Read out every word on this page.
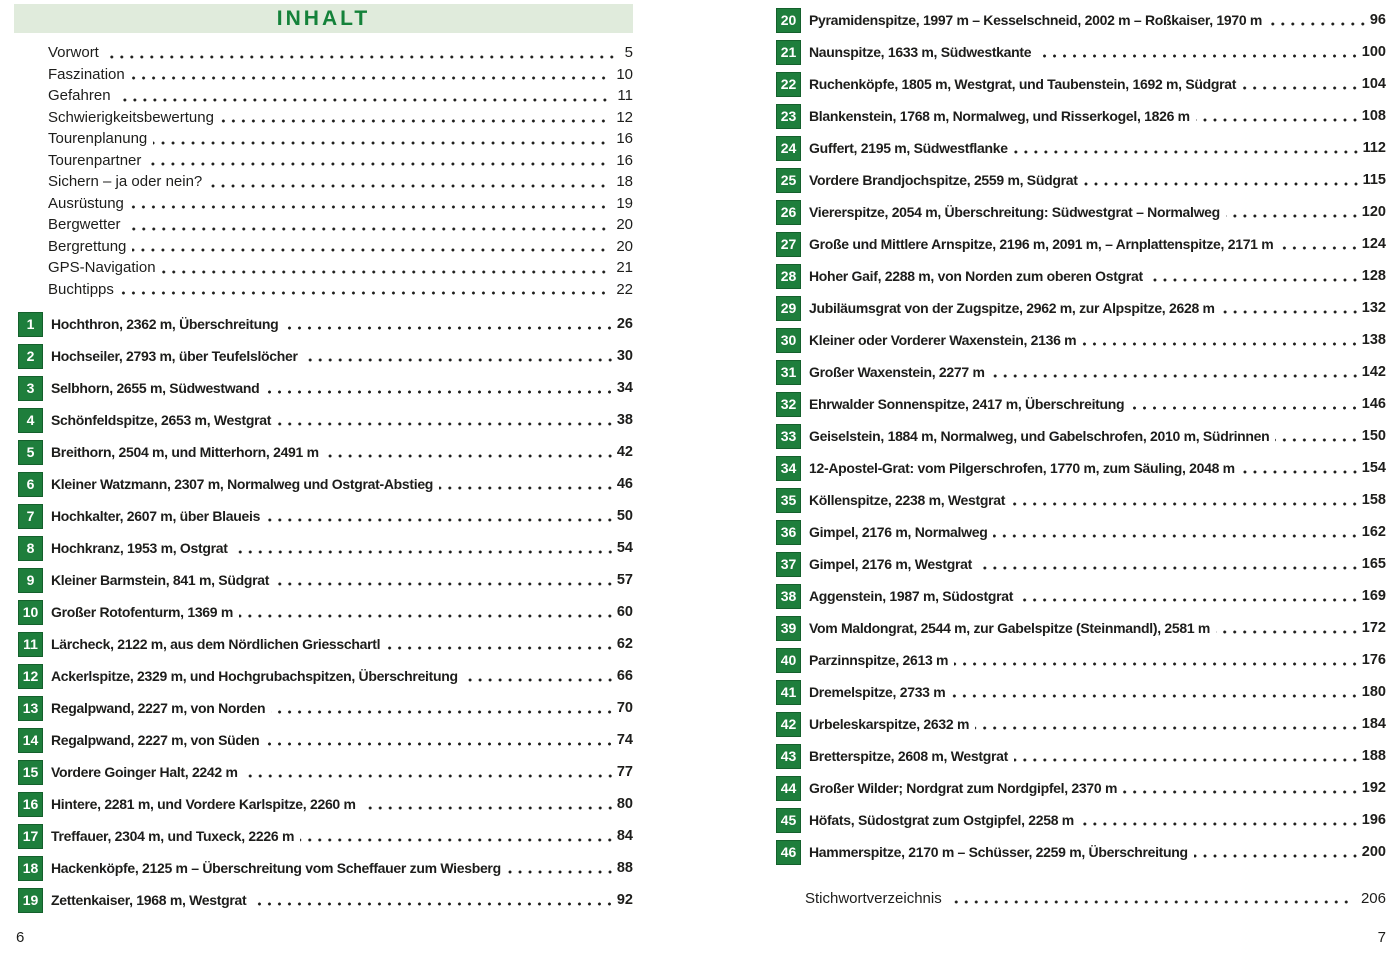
INHALT
Vorwort	5
Faszination	10
Gefahren	11
Schwierigkeitsbewertung	12
Tourenplanung	16
Tourenpartner	16
Sichern – ja oder nein?	18
Ausrüstung	19
Bergwetter	20
Bergrettung	20
GPS-Navigation	21
Buchtipps	22
1	Hochthron, 2362 m, Überschreitung	26
2	Hochseiler, 2793 m, über Teufelslöcher	30
3	Selbhorn, 2655 m, Südwestwand	34
4	Schönfeldspitze, 2653 m, Westgrat	38
5	Breithorn, 2504 m, und Mitterhorn, 2491 m	42
6	Kleiner Watzmann, 2307 m, Normalweg und Ostgrat-Abstieg	46
7	Hochkalter, 2607 m, über Blaueis	50
8	Hochkranz, 1953 m, Ostgrat	54
9	Kleiner Barmstein, 841 m, Südgrat	57
10 Großer Rotofenturm, 1369 m	60
11 Lärcheck, 2122 m, aus dem Nördlichen Griesschartl	62
12 Ackerlspitze, 2329 m, und Hochgrubachspitzen, Überschreitung	66
13 Regalpwand, 2227 m, von Norden	70
14 Regalpwand, 2227 m, von Süden	74
15 Vordere Goinger Halt, 2242 m	77
16 Hintere, 2281 m, und Vordere Karlspitze, 2260 m	80
17 Treffauer, 2304 m, und Tuxeck, 2226 m	84
18 Hackenköpfe, 2125 m – Überschreitung vom Scheffauer zum Wiesberg	88
19 Zettenkaiser, 1968 m, Westgrat	92
20 Pyramidenspitze, 1997 m – Kesselschneid, 2002 m – Roßkaiser, 1970 m	96
21 Naunspitze, 1633 m, Südwestkante	100
22 Ruchenköpfe, 1805 m, Westgrat, und Taubenstein, 1692 m, Südgrat	104
23 Blankenstein, 1768 m, Normalweg, und Risserkogel, 1826 m	108
24 Guffert, 2195 m, Südwestflanke	112
25 Vordere Brandjochspitze, 2559 m, Südgrat	115
26 Viererspitze, 2054 m, Überschreitung: Südwestgrat – Normalweg	120
27 Große und Mittlere Arnspitze, 2196 m, 2091 m, – Arnplattenspitze, 2171 m	124
28 Hoher Gaif, 2288 m, von Norden zum oberen Ostgrat	128
29 Jubiläumsgrat von der Zugspitze, 2962 m, zur Alpspitze, 2628 m	132
30 Kleiner oder Vorderer Waxenstein, 2136 m	138
31 Großer Waxenstein, 2277 m	142
32 Ehrwalder Sonnenspitze, 2417 m, Überschreitung	146
33 Geiselstein, 1884 m, Normalweg, und Gabelschrofen, 2010 m, Südrinnen	150
34 12-Apostel-Grat: vom Pilgerschrofen, 1770 m, zum Säuling, 2048 m	154
35 Köllenspitze, 2238 m, Westgrat	158
36 Gimpel, 2176 m, Normalweg	162
37 Gimpel, 2176 m, Westgrat	165
38 Aggenstein, 1987 m, Südostgrat	169
39 Vom Maldongrat, 2544 m, zur Gabelspitze (Steinmandl), 2581 m	172
40 Parzinnspitze, 2613 m	176
41 Dremelspitze, 2733 m	180
42 Urbeleskarspitze, 2632 m	184
43 Bretterspitze, 2608 m, Westgrat	188
44 Großer Wilder; Nordgrat zum Nordgipfel, 2370 m	192
45 Höfats, Südostgrat zum Ostgipfel, 2258 m	196
46 Hammerspitze, 2170 m – Schüsser, 2259 m, Überschreitung	200
Stichwortverzeichnis	206
6	7
